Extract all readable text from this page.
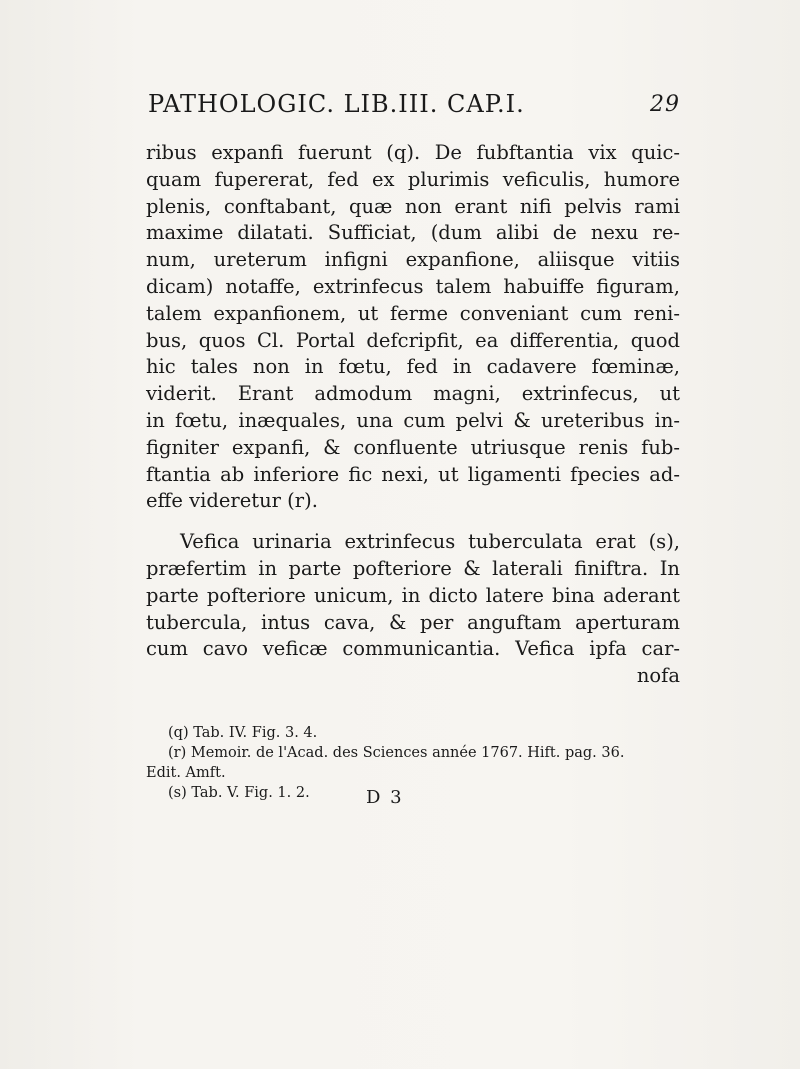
PATHOLOGIC. LIB.III. CAP.I.	29
ribus expanfi fuerunt (q). De fubftantia vix quic-
quam fupererat, fed ex plurimis veficulis, humore
plenis, conftabant, quæ non erant nifi pelvis rami
maxime dilatati. Sufficiat, (dum alibi de nexu re-
num, ureterum infigni expanfione, aliisque vitiis
dicam) notaffe, extrinfecus talem habuiffe figuram,
talem expanfionem, ut ferme conveniant cum reni-
bus, quos Cl. Portal defcripfit, ea differentia, quod
hic tales non in fœtu, fed in cadavere fœminæ,
viderit. Erant admodum magni, extrinfecus, ut
in fœtu, inæquales, una cum pelvi & ureteribus in-
figniter expanfi, & confluente utriusque renis fub-
ftantia ab inferiore fic nexi, ut ligamenti fpecies ad-
effe videretur (r).
Vefica urinaria extrinfecus tuberculata erat (s),
præfertim in parte pofteriore & laterali finiftra. In
parte pofteriore unicum, in dicto latere bina aderant
tubercula, intus cava, & per anguftam aperturam
cum cavo veficæ communicantia. Vefica ipfa car-
nofa
(q) Tab. IV. Fig. 3. 4.
(r) Memoir. de l'Acad. des Sciences année 1767. Hift. pag. 36.
Edit. Amft.
(s) Tab. V. Fig. 1. 2.	D 3
